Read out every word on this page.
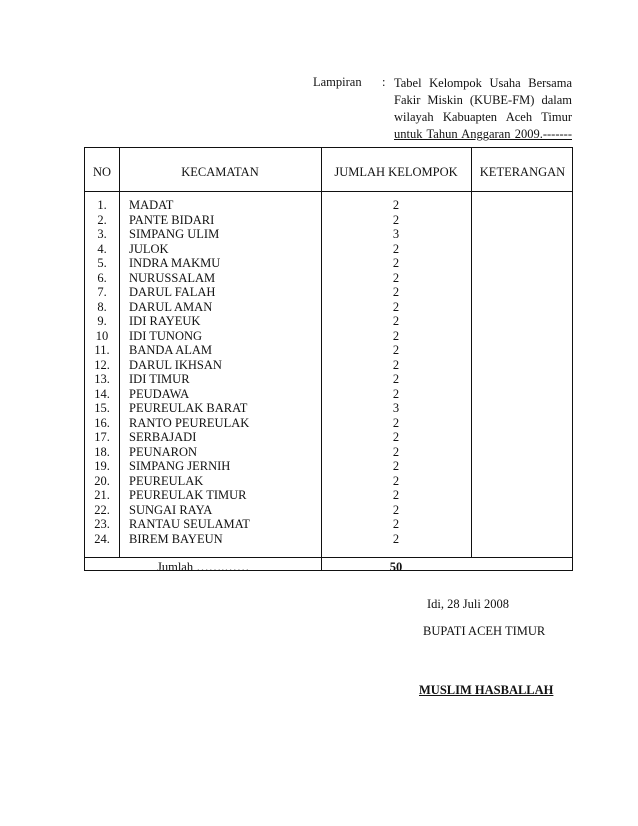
Lampiran : Tabel Kelompok Usaha Bersama
Fakir Miskin (KUBE-FM) dalam
wilayah Kabuapten Aceh Timur
untuk Tahun Anggaran 2009.-------
NO	KECAMATAN	JUMLAH KELOMPOK	KETERANGAN
1.	MADAT	2
2.	PANTE BIDARI	2
3.	SIMPANG ULIM	3
4.	JULOK	2
5.	INDRA MAKMU	2
6.	NURUSSALAM	2
7.	DARUL FALAH	2
8.	DARUL AMAN	2
9.	IDI RAYEUK	2
10	IDI TUNONG	2
11.	BANDA ALAM	2
12.	DARUL IKHSAN	2
13.	IDI TIMUR	2
14.	PEUDAWA	2
15.	PEUREULAK BARAT	3
16.	RANTO PEUREULAK	2
17.	SERBAJADI	2
18.	PEUNARON	2
19.	SIMPANG JERNIH	2
20.	PEUREULAK	2
21.	PEUREULAK TIMUR	2
22.	SUNGAI RAYA	2
23.	RANTAU SEULAMAT	2
24.	BIREM BAYEUN	2
Jumlah …….……	50
Idi, 28 Juli 2008
BUPATI ACEH TIMUR
MUSLIM HASBALLAH
